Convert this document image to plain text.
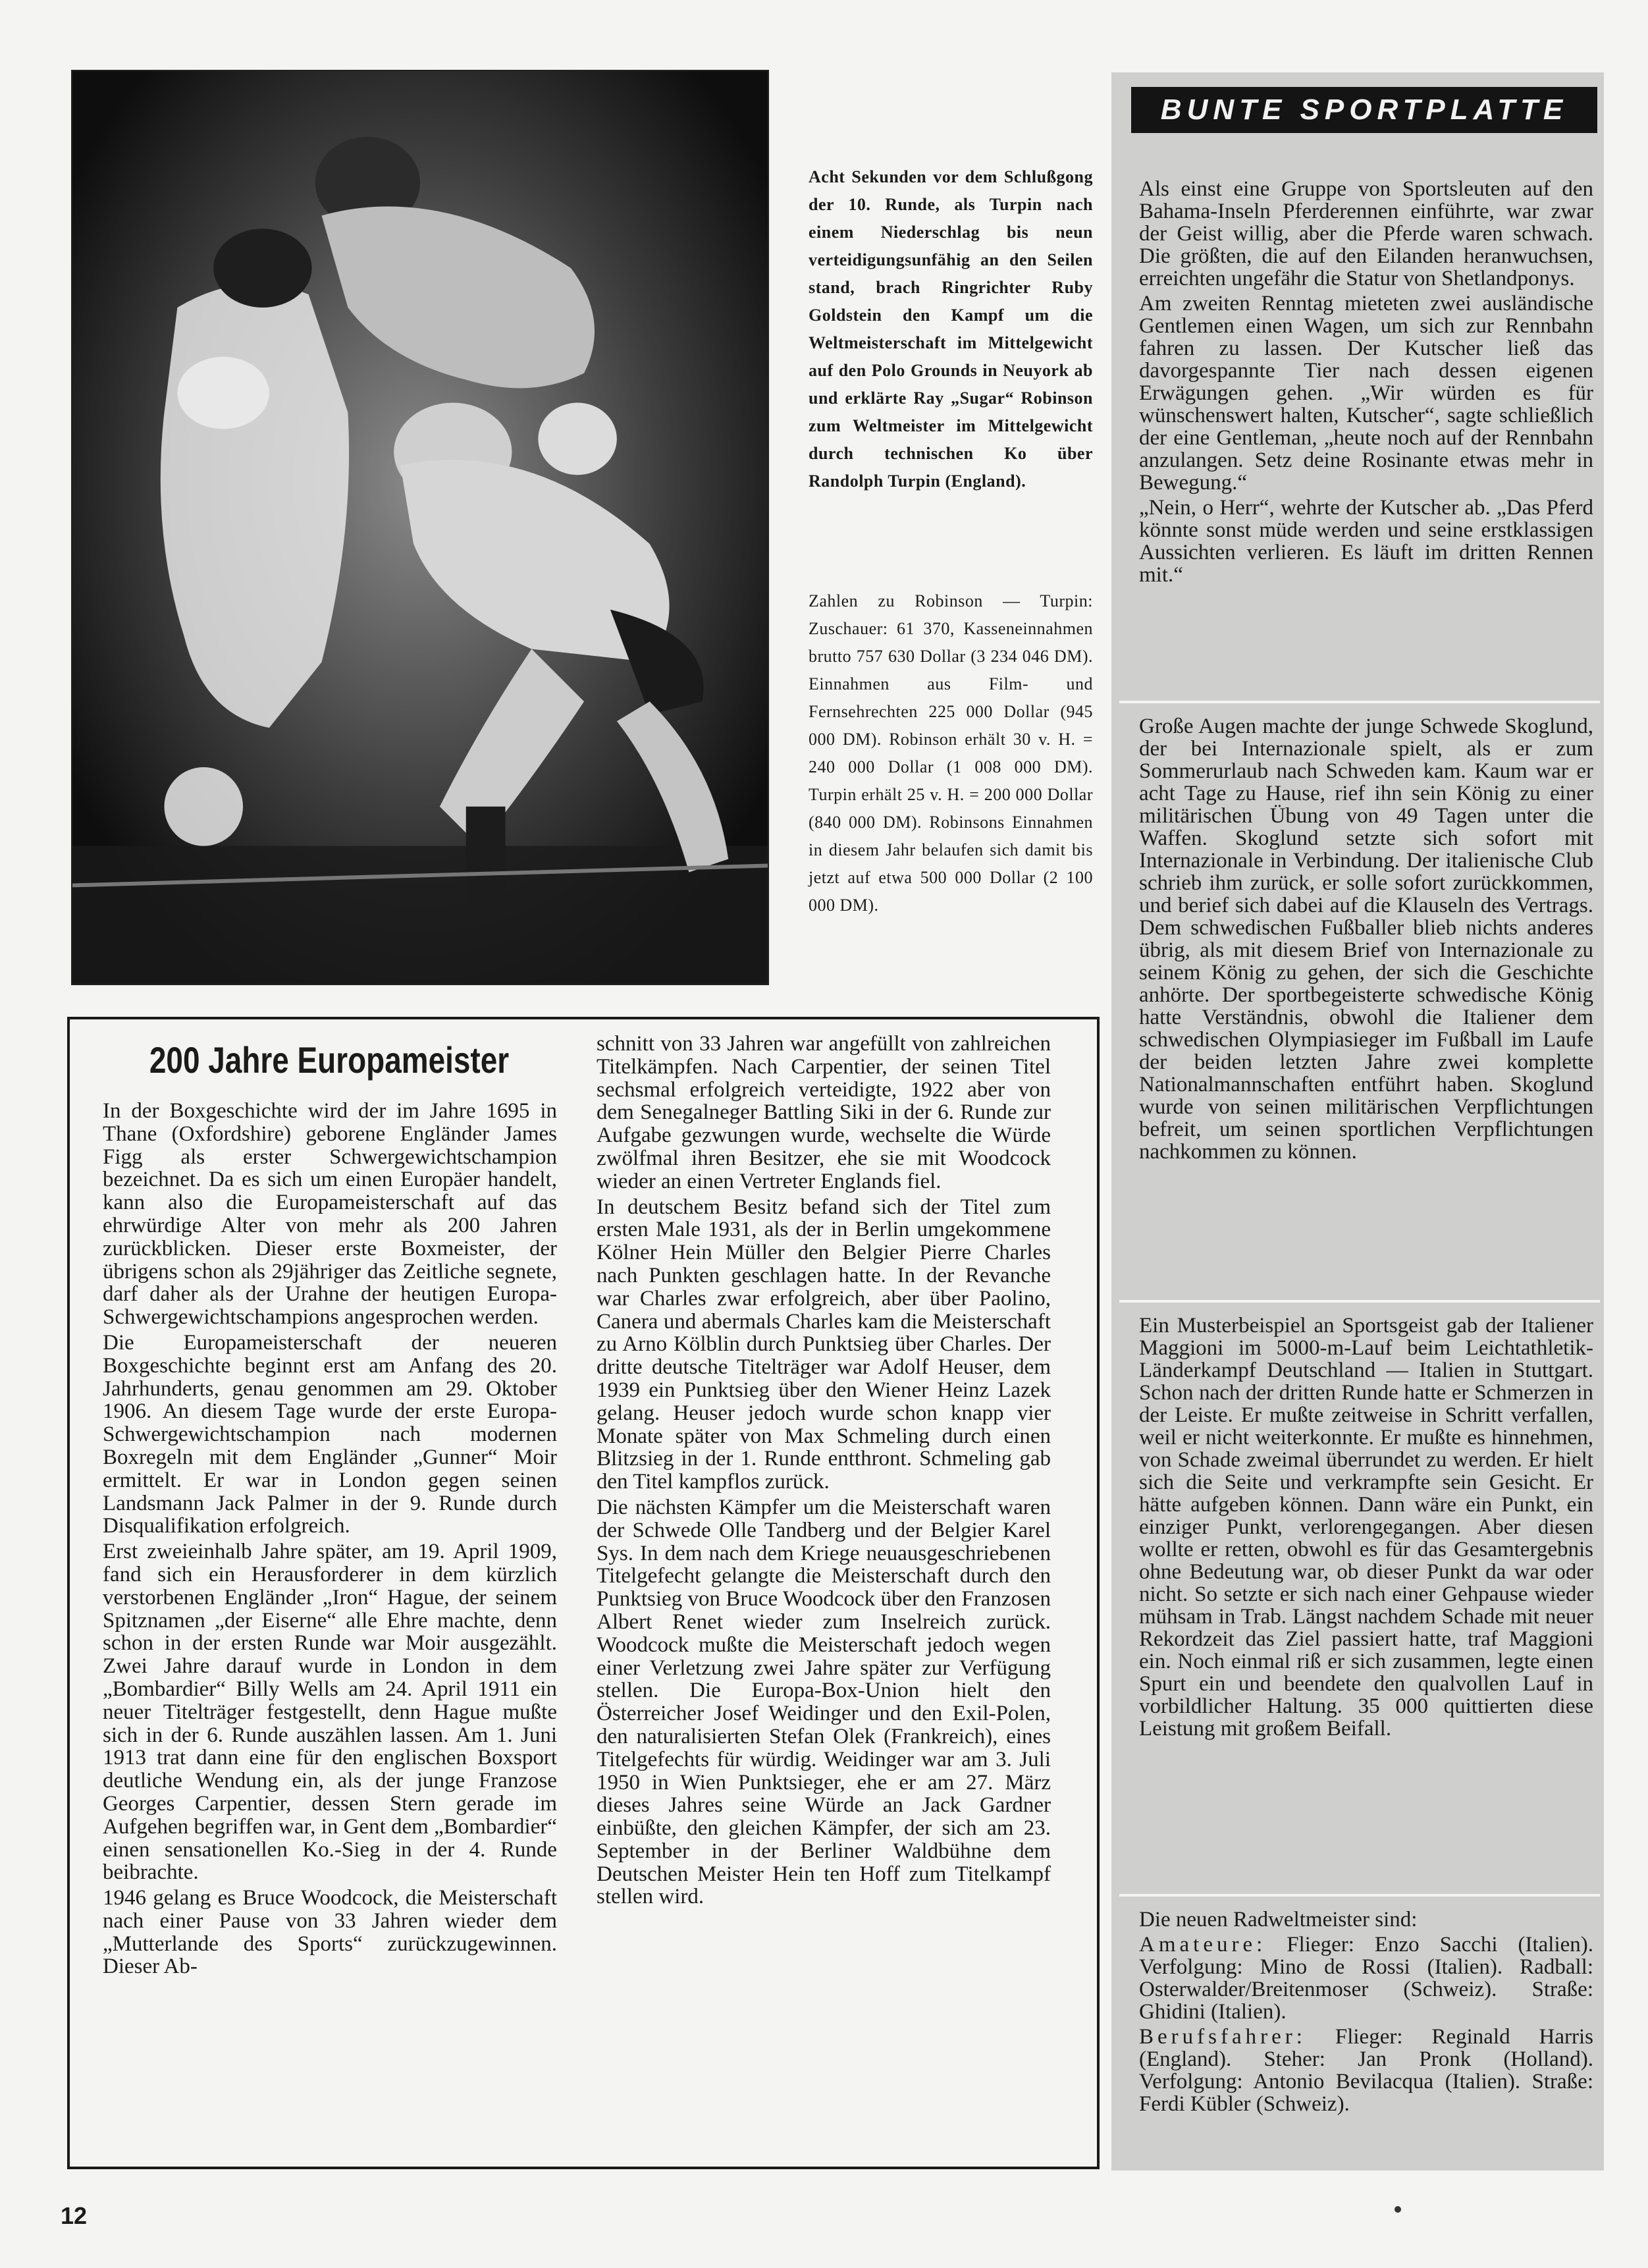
Acht Sekunden vor dem Schlußgong der 10. Runde, als Turpin nach einem Niederschlag bis neun verteidigungsunfähig an den Seilen stand, brach Ringrichter Ruby Goldstein den Kampf um die Weltmeisterschaft im Mittelgewicht auf den Polo Grounds in Neuyork ab und erklärte Ray „Sugar“ Robinson zum Weltmeister im Mittelgewicht durch technischen Ko über Randolph Turpin (England).
Zahlen zu Robinson — Turpin: Zuschauer: 61 370, Kasseneinnahmen brutto 757 630 Dollar (3 234 046 DM). Einnahmen aus Film- und Fernsehrechten 225 000 Dollar (945 000 DM). Robinson erhält 30 v. H. = 240 000 Dollar (1 008 000 DM). Turpin erhält 25 v. H. = 200 000 Dollar (840 000 DM). Robinsons Einnahmen in diesem Jahr belaufen sich damit bis jetzt auf etwa 500 000 Dollar (2 100 000 DM).
BUNTE SPORTPLATTE

Als einst eine Gruppe von Sportsleuten auf den Bahama-Inseln Pferderennen einführte, war zwar der Geist willig, aber die Pferde waren schwach. Die größten, die auf den Eilanden heranwuchsen, erreichten ungefähr die Statur von Shetlandponys.

Am zweiten Renntag mieteten zwei ausländische Gentlemen einen Wagen, um sich zur Rennbahn fahren zu lassen. Der Kutscher ließ das davorgespannte Tier nach dessen eigenen Erwägungen gehen. „Wir würden es für wünschenswert halten, Kutscher“, sagte schließlich der eine Gentleman, „heute noch auf der Rennbahn anzulangen. Setz deine Rosinante etwas mehr in Bewegung.“

„Nein, o Herr“, wehrte der Kutscher ab. „Das Pferd könnte sonst müde werden und seine erstklassigen Aussichten verlieren. Es läuft im dritten Rennen mit.“

Große Augen machte der junge Schwede Skoglund, der bei Internazionale spielt, als er zum Sommerurlaub nach Schweden kam. Kaum war er acht Tage zu Hause, rief ihn sein König zu einer militärischen Übung von 49 Tagen unter die Waffen. Skoglund setzte sich sofort mit Internazionale in Verbindung. Der italienische Club schrieb ihm zurück, er solle sofort zurückkommen, und berief sich dabei auf die Klauseln des Vertrags. Dem schwedischen Fußballer blieb nichts anderes übrig, als mit diesem Brief von Internazionale zu seinem König zu gehen, der sich die Geschichte anhörte. Der sportbegeisterte schwedische König hatte Verständnis, obwohl die Italiener dem schwedischen Olympiasieger im Fußball im Laufe der beiden letzten Jahre zwei komplette Nationalmannschaften entführt haben. Skoglund wurde von seinen militärischen Verpflichtungen befreit, um seinen sportlichen Verpflichtungen nachkommen zu können.

Ein Musterbeispiel an Sportsgeist gab der Italiener Maggioni im 5000-m-Lauf beim Leichtathletik-Länderkampf Deutschland — Italien in Stuttgart. Schon nach der dritten Runde hatte er Schmerzen in der Leiste. Er mußte zeitweise in Schritt verfallen, weil er nicht weiterkonnte. Er mußte es hinnehmen, von Schade zweimal überrundet zu werden. Er hielt sich die Seite und verkrampfte sein Gesicht. Er hätte aufgeben können. Dann wäre ein Punkt, ein einziger Punkt, verlorengegangen. Aber diesen wollte er retten, obwohl es für das Gesamtergebnis ohne Bedeutung war, ob dieser Punkt da war oder nicht. So setzte er sich nach einer Gehpause wieder mühsam in Trab. Längst nachdem Schade mit neuer Rekordzeit das Ziel passiert hatte, traf Maggioni ein. Noch einmal riß er sich zusammen, legte einen Spurt ein und beendete den qualvollen Lauf in vorbildlicher Haltung. 35 000 quittierten diese Leistung mit großem Beifall.

Die neuen Radweltmeister sind:

Amateure: Flieger: Enzo Sacchi (Italien). Verfolgung: Mino de Rossi (Italien). Radball: Osterwalder/Breitenmoser (Schweiz). Straße: Ghidini (Italien).

Berufsfahrer: Flieger: Reginald Harris (England). Steher: Jan Pronk (Holland). Verfolgung: Antonio Bevilacqua (Italien). Straße: Ferdi Kübler (Schweiz).

200 Jahre Europameister

In der Boxgeschichte wird der im Jahre 1695 in Thane (Oxfordshire) geborene Engländer James Figg als erster Schwergewichtschampion bezeichnet. Da es sich um einen Europäer handelt, kann also die Europameisterschaft auf das ehrwürdige Alter von mehr als 200 Jahren zurückblicken. Dieser erste Boxmeister, der übrigens schon als 29jähriger das Zeitliche segnete, darf daher als der Urahne der heutigen Europa-Schwergewichtschampions angesprochen werden.

Die Europameisterschaft der neueren Boxgeschichte beginnt erst am Anfang des 20. Jahrhunderts, genau genommen am 29. Oktober 1906. An diesem Tage wurde der erste Europa-Schwergewichtschampion nach modernen Boxregeln mit dem Engländer „Gunner“ Moir ermittelt. Er war in London gegen seinen Landsmann Jack Palmer in der 9. Runde durch Disqualifikation erfolgreich.

Erst zweieinhalb Jahre später, am 19. April 1909, fand sich ein Herausforderer in dem kürzlich verstorbenen Engländer „Iron“ Hague, der seinem Spitznamen „der Eiserne“ alle Ehre machte, denn schon in der ersten Runde war Moir ausgezählt. Zwei Jahre darauf wurde in London in dem „Bombardier“ Billy Wells am 24. April 1911 ein neuer Titelträger festgestellt, denn Hague mußte sich in der 6. Runde auszählen lassen. Am 1. Juni 1913 trat dann eine für den englischen Boxsport deutliche Wendung ein, als der junge Franzose Georges Carpentier, dessen Stern gerade im Aufgehen begriffen war, in Gent dem „Bombardier“ einen sensationellen Ko.-Sieg in der 4. Runde beibrachte.

1946 gelang es Bruce Woodcock, die Meisterschaft nach einer Pause von 33 Jahren wieder dem „Mutterlande des Sports“ zurückzugewinnen. Dieser Ab-

schnitt von 33 Jahren war angefüllt von zahlreichen Titelkämpfen. Nach Carpentier, der seinen Titel sechsmal erfolgreich verteidigte, 1922 aber von dem Senegalneger Battling Siki in der 6. Runde zur Aufgabe gezwungen wurde, wechselte die Würde zwölfmal ihren Besitzer, ehe sie mit Woodcock wieder an einen Vertreter Englands fiel.

In deutschem Besitz befand sich der Titel zum ersten Male 1931, als der in Berlin umgekommene Kölner Hein Müller den Belgier Pierre Charles nach Punkten geschlagen hatte. In der Revanche war Charles zwar erfolgreich, aber über Paolino, Canera und abermals Charles kam die Meisterschaft zu Arno Kölblin durch Punktsieg über Charles. Der dritte deutsche Titelträger war Adolf Heuser, dem 1939 ein Punktsieg über den Wiener Heinz Lazek gelang. Heuser jedoch wurde schon knapp vier Monate später von Max Schmeling durch einen Blitzsieg in der 1. Runde entthront. Schmeling gab den Titel kampflos zurück.

Die nächsten Kämpfer um die Meisterschaft waren der Schwede Olle Tandberg und der Belgier Karel Sys. In dem nach dem Kriege neuausgeschriebenen Titelgefecht gelangte die Meisterschaft durch den Punktsieg von Bruce Woodcock über den Franzosen Albert Renet wieder zum Inselreich zurück. Woodcock mußte die Meisterschaft jedoch wegen einer Verletzung zwei Jahre später zur Verfügung stellen. Die Europa-Box-Union hielt den Österreicher Josef Weidinger und den Exil-Polen, den naturalisierten Stefan Olek (Frankreich), eines Titelgefechts für würdig. Weidinger war am 3. Juli 1950 in Wien Punktsieger, ehe er am 27. März dieses Jahres seine Würde an Jack Gardner einbüßte, den gleichen Kämpfer, der sich am 23. September in der Berliner Waldbühne dem Deutschen Meister Hein ten Hoff zum Titelkampf stellen wird.

12
